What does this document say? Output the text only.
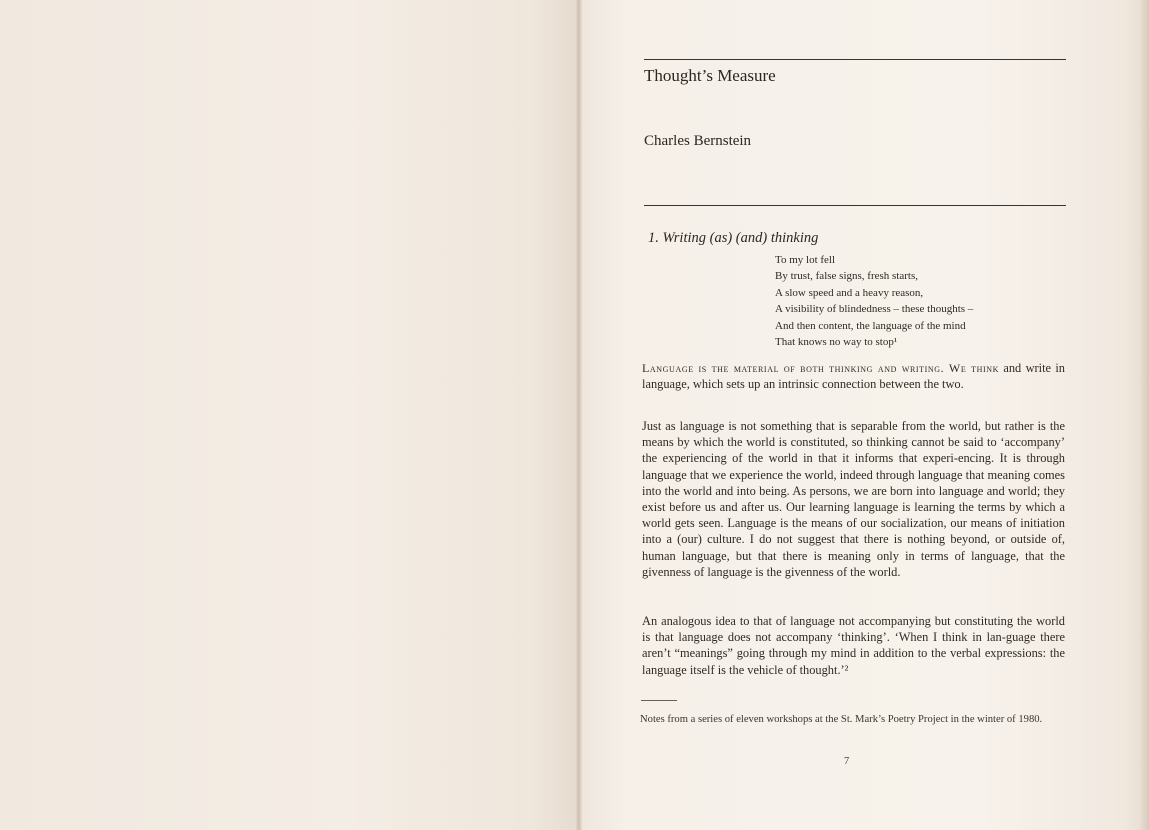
Thought’s Measure
Charles Bernstein
1. Writing (as) (and) thinking
To my lot fell
By trust, false signs, fresh starts,
A slow speed and a heavy reason,
A visibility of blindedness – these thoughts –
And then content, the language of the mind
That knows no way to stop¹
Language is the material of both thinking and writing. We think and write in language, which sets up an intrinsic connection between the two.
Just as language is not something that is separable from the world, but rather is the means by which the world is constituted, so thinking cannot be said to ‘accompany’ the experiencing of the world in that it informs that experi-encing. It is through language that we experience the world, indeed through language that meaning comes into the world and into being. As persons, we are born into language and world; they exist before us and after us. Our learning language is learning the terms by which a world gets seen. Language is the means of our socialization, our means of initiation into a (our) culture. I do not suggest that there is nothing beyond, or outside of, human language, but that there is meaning only in terms of language, that the givenness of language is the givenness of the world.
An analogous idea to that of language not accompanying but constituting the world is that language does not accompany ‘thinking’. ‘When I think in lan-guage there aren’t “meanings” going through my mind in addition to the verbal expressions: the language itself is the vehicle of thought.’²
Notes from a series of eleven workshops at the St. Mark’s Poetry Project in the winter of 1980.
7
